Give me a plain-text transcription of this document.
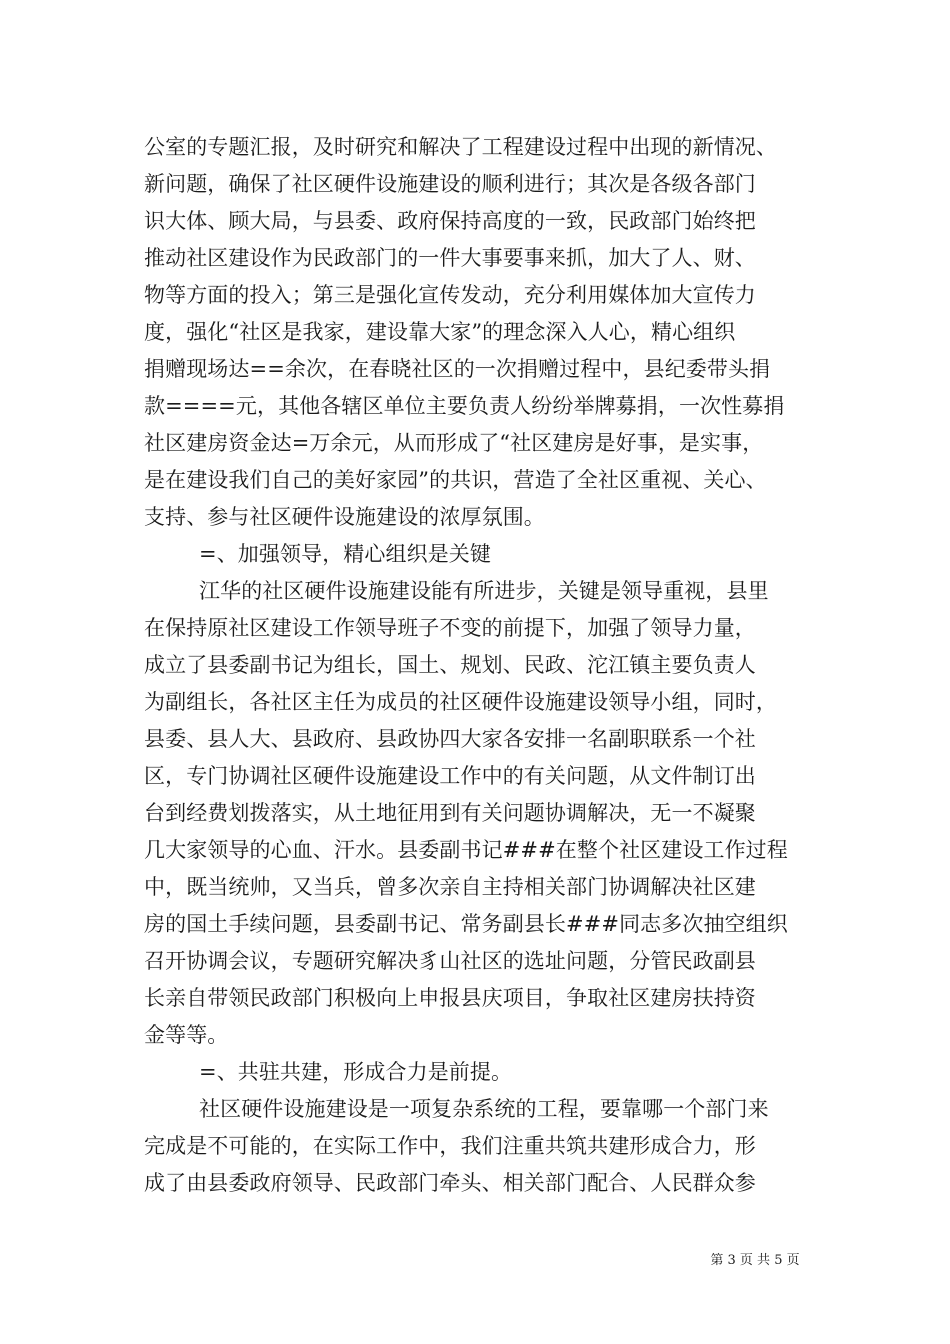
公室的专题汇报，及时研究和解决了工程建设过程中出现的新情况、
新问题，确保了社区硬件设施建设的顺利进行；其次是各级各部门
识大体、顾大局，与县委、政府保持高度的一致，民政部门始终把
推动社区建设作为民政部门的一件大事要事来抓，加大了人、财、
物等方面的投入；第三是强化宣传发动，充分利用媒体加大宣传力
度，强化“社区是我家，建设靠大家”的理念深入人心，精心组织
捐赠现场达==余次，在春晓社区的一次捐赠过程中，县纪委带头捐
款====元，其他各辖区单位主要负责人纷纷举牌募捐，一次性募捐
社区建房资金达=万余元，从而形成了“社区建房是好事，是实事，
是在建设我们自己的美好家园”的共识，营造了全社区重视、关心、
支持、参与社区硬件设施建设的浓厚氛围。
=、加强领导，精心组织是关键
江华的社区硬件设施建设能有所进步，关键是领导重视，县里
在保持原社区建设工作领导班子不变的前提下，加强了领导力量，
成立了县委副书记为组长，国土、规划、民政、沱江镇主要负责人
为副组长，各社区主任为成员的社区硬件设施建设领导小组，同时，
县委、县人大、县政府、县政协四大家各安排一名副职联系一个社
区，专门协调社区硬件设施建设工作中的有关问题，从文件制订出
台到经费划拨落实，从土地征用到有关问题协调解决，无一不凝聚
几大家领导的心血、汗水。县委副书记###在整个社区建设工作过程
中，既当统帅，又当兵，曾多次亲自主持相关部门协调解决社区建
房的国土手续问题，县委副书记、常务副县长###同志多次抽空组织
召开协调会议，专题研究解决豸山社区的选址问题，分管民政副县
长亲自带领民政部门积极向上申报县庆项目，争取社区建房扶持资
金等等。
=、共驻共建，形成合力是前提。
社区硬件设施建设是一项复杂系统的工程，要靠哪一个部门来
完成是不可能的，在实际工作中，我们注重共筑共建形成合力，形
成了由县委政府领导、民政部门牵头、相关部门配合、人民群众参
第 3 页 共 5 页
